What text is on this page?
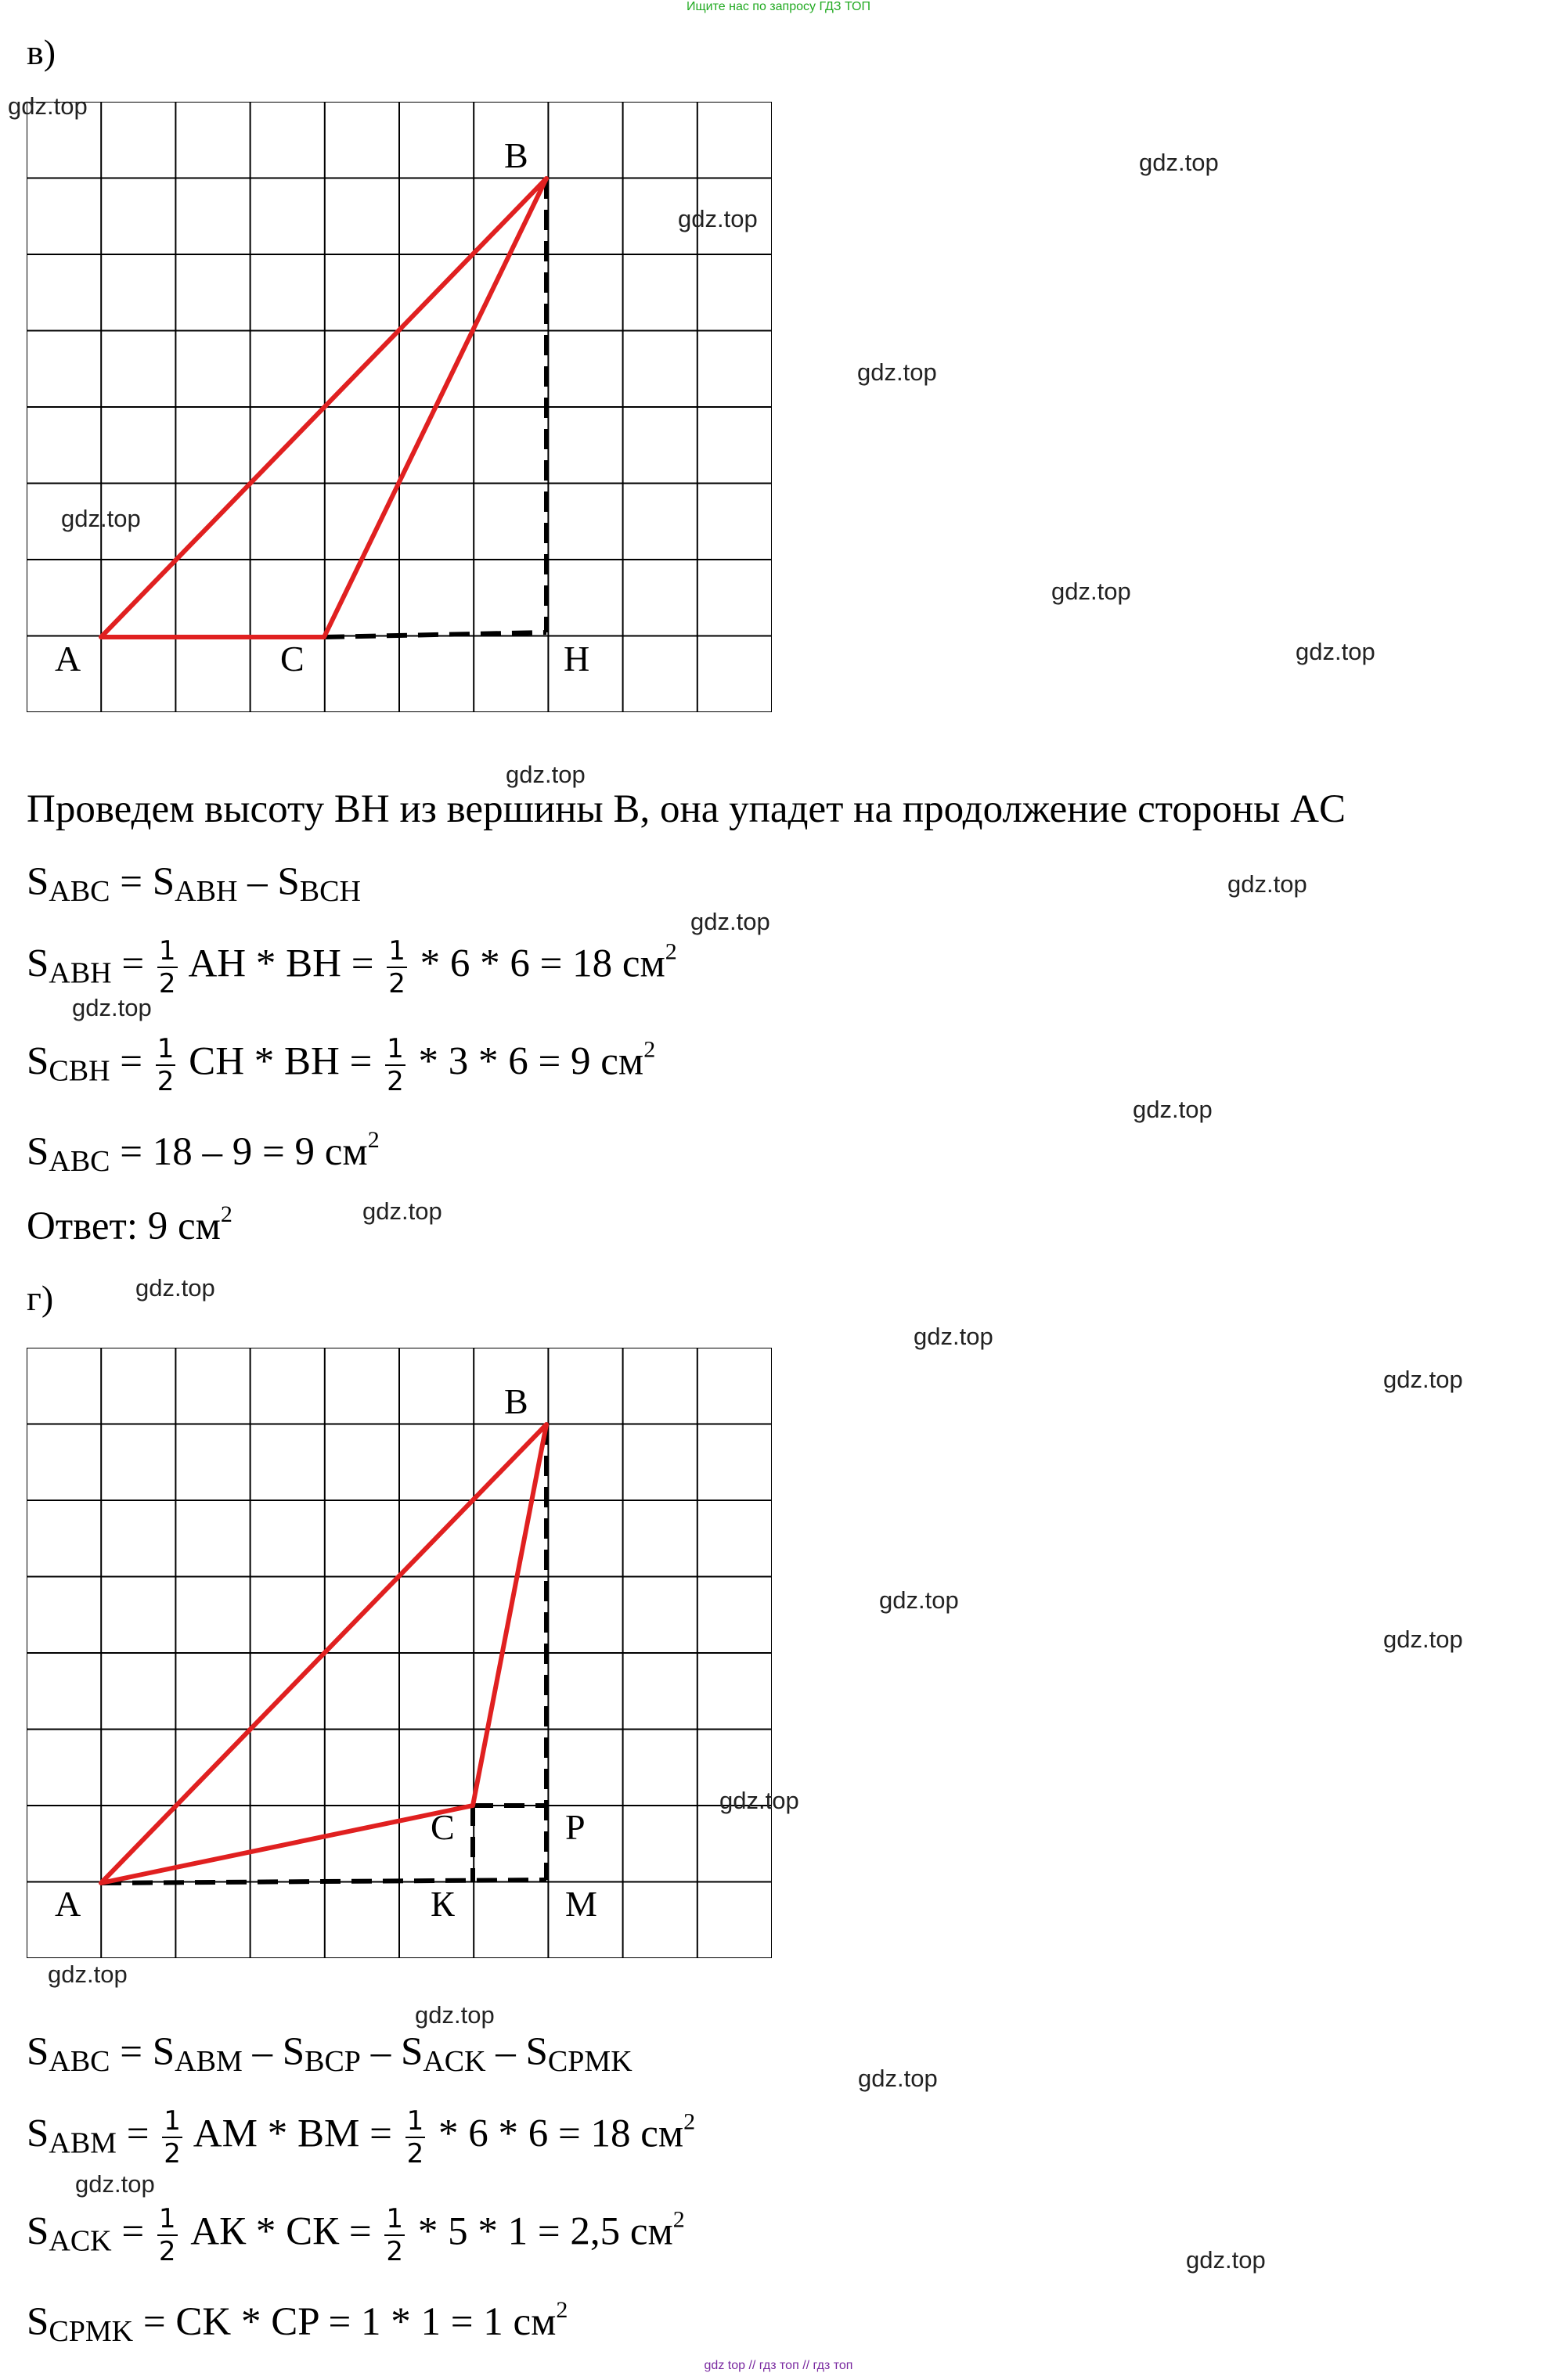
Ищите нас по запросу ГДЗ ТОП
в)
B
A	C	H
Проведем высоту BH из вершины B, она упадет на продолжение стороны AC
$S_{ABC} = S_{ABH} - S_{BCH}$
$S_{ABH} = \frac{1}{2}$ AH * BH = $\frac{1}{2} * 6 * 6 = 18$ $см^2$
$S_{CBH} = \frac{1}{2}$ CH * BH = $\frac{1}{2} * 3 * 6 = 9$ $см^2$
$S_{ABC} = 18 - 9 = 9$ $см^2$
Ответ: 9 $см^2$
г)
B
C	P
A	К	M
$S_{ABC} = S_{ABM} - S_{BCP} - S_{ACK} - S_{CPMK}$
$S_{ABM} = \frac{1}{2}$ AM * BM = $\frac{1}{2} * 6 * 6 = 18$ $см^2$
$S_{ACK} = \frac{1}{2}$ АК * СК = $\frac{1}{2} * 5 * 1 = 2,5$ $см^2$
$S_{CPMK}$ = CK * CP = 1 * 1 = 1 $см^2$
gdz.top
gdz.top
gdz.top
gdz.top
gdz.top
gdz.top
gdz.top
gdz.top
gdz.top
gdz.top
gdz.top
gdz.top
gdz.top
gdz.top
gdz.top
gdz.top
gdz.top
gdz.top
gdz.top
gdz.top
gdz.top
gdz.top
gdz.top
gdz.top
gdz top // гдз топ // гдз топ
